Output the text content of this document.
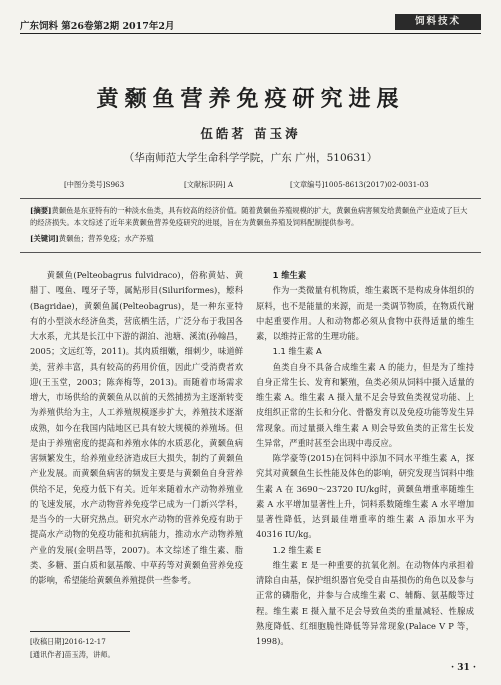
广东饲料 第26卷第2期 2017年2月	饲料技术
黄颡鱼营养免疫研究进展
伍皓茗 苗玉涛
（华南师范大学生命科学学院，广东 广州，510631）
[中图分类号]S963	[文献标识码] A	[文章编号]1005-8613(2017)02-0031-03
[摘要]黄颡鱼是东亚特有的一种淡水鱼类，具有较高的经济价值。随着黄颡鱼养殖规模的扩大，黄颡鱼病害频发给黄颡鱼产业造成了巨大的经济损失。本文综述了近年来黄颡鱼营养免疫研究的进展，旨在为黄颡鱼养殖及饲料配制提供参考。
[关键词]黄颡鱼；营养免疫；水产养殖

黄颡鱼(Pelteobagrus fulvidraco)，俗称黄姑、黄腊丁、嘎鱼、嘎牙子等，属鲇形目(Siluriformes)，鲿科(Bagridae)，黄颡鱼属(Pelteobagrus)，是一种东亚特有的小型淡水经济鱼类，营底栖生活，广泛分布于我国各大水系，尤其是长江中下游的湖泊、池塘、溪流(孙翰昌，2005；文远红等，2011)。其肉质细嫩，细刺少，味道鲜美，营养丰富，具有较高的药用价值，因此广受消费者欢迎(王玉堂，2003；陈奔梅等，2013)。而随着市场需求增大，市场供给的黄颡鱼从以前的天然捕捞为主逐渐转变为养殖供给为主，人工养殖规模逐步扩大，养殖技术逐渐成熟，如今在我国内陆地区已具有较大规模的养殖场。但是由于养殖密度的提高和养殖水体的水质恶化，黄颡鱼病害频繁发生，给养殖业经济造成巨大损失，制约了黄颡鱼产业发展。而黄颡鱼病害的频发主要是与黄颡鱼自身营养供给不足，免疫力低下有关。近年来随着水产动物养殖业的飞速发展，水产动物营养免疫学已成为一门新兴学科，是当今的一大研究热点。研究水产动物的营养免疫有助于提高水产动物的免疫功能和抗病能力，推动水产动物养殖产业的发展(金明昌等，2007)。本文综述了维生素、脂类、多糖、蛋白质和氨基酸、中草药等对黄颡鱼营养免疫的影响，希望能给黄颡鱼养殖提供一些参考。

1 维生素

作为一类微量有机物质，维生素既不是构成身体组织的原料，也不是能量的来源，而是一类调节物质，在物质代谢中起重要作用。人和动物都必须从食物中获得适量的维生素，以维持正常的生理功能。

1.1 维生素 A

鱼类自身不具备合成维生素 A 的能力，但是为了维持自身正常生长、发育和繁殖，鱼类必须从饲料中摄入适量的维生素 A。维生素 A 摄入量不足会导致鱼类视觉功能、上皮组织正常的生长和分化、骨骼发育以及免疫功能等发生异常现象。而过量摄入维生素 A 则会导致鱼类的正常生长发生异常，严重时甚至会出现中毒反应。

陈学豪等(2015)在饲料中添加不同水平维生素 A，探究其对黄颡鱼生长性能及体色的影响，研究发现当饲料中维生素 A 在 3690～23720 IU/kg时，黄颡鱼增重率随维生素 A 水平增加显著性上升，饲料系数随维生素 A 水平增加显著性降低，达到最佳增重率的维生素 A 添加水平为 40316 IU/kg。

1.2 维生素 E

维生素 E 是一种重要的抗氧化剂。在动物体内承担着清除自由基，保护组织器官免受自由基损伤的角色以及参与正常的磷脂化，并参与合成维生素 C、辅酶、氨基酸等过程。维生素 E 摄入量不足会导致鱼类的重量减轻、性腺成熟度降低、红细胞脆性降低等异常现象(Palace V P 等，1998)。

[收稿日期]2016-12-17
[通讯作者]苗玉涛，讲师。
· 31 ·
